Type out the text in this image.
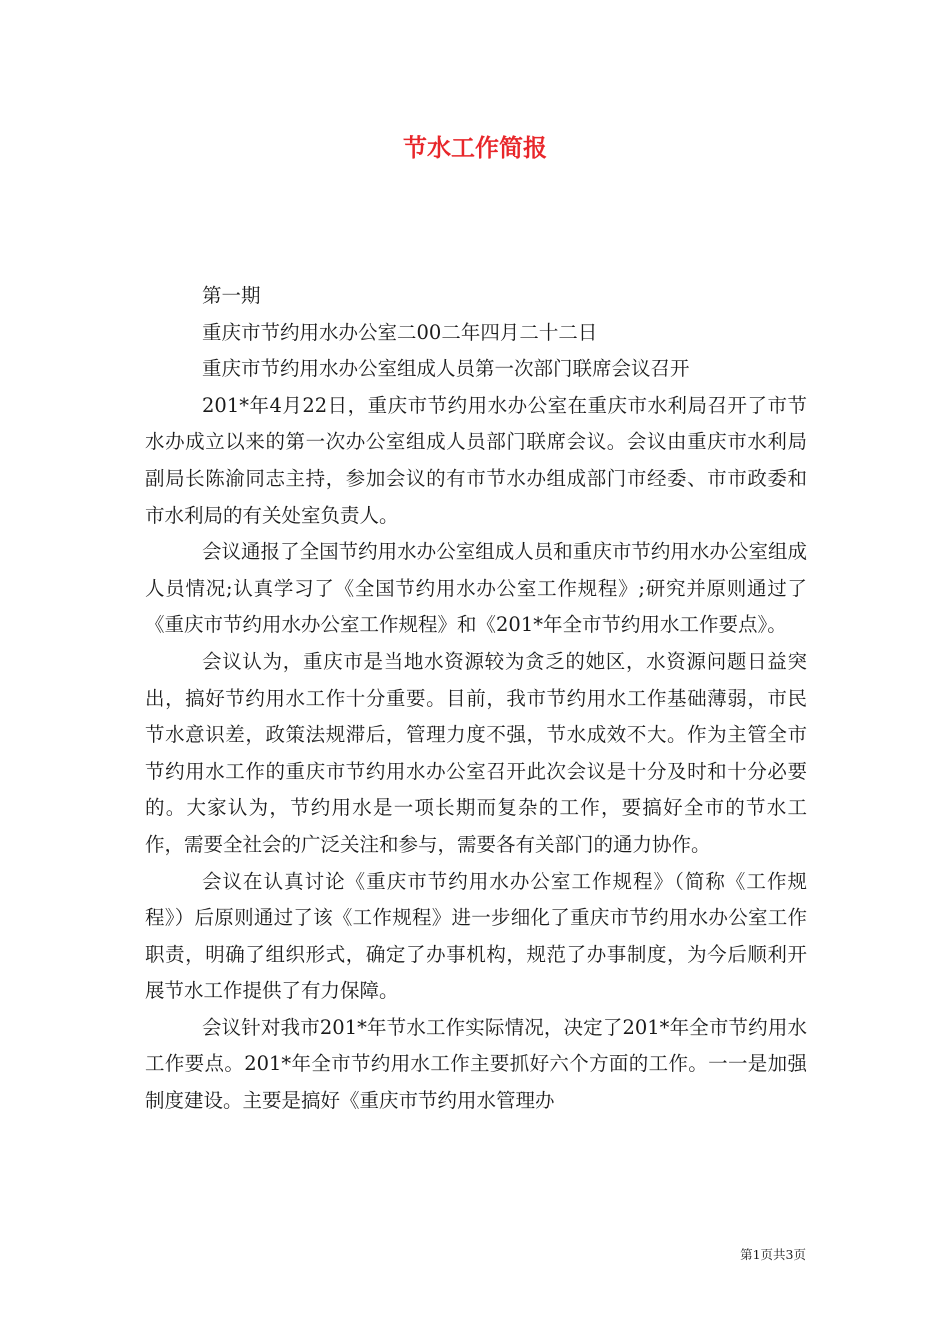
节水工作简报

第一期

重庆市节约用水办公室二00二年四月二十二日

重庆市节约用水办公室组成人员第一次部门联席会议召开

201*年4月22日，重庆市节约用水办公室在重庆市水利局召开了市节水办成立以来的第一次办公室组成人员部门联席会议。会议由重庆市水利局副局长陈渝同志主持，参加会议的有市节水办组成部门市经委、市市政委和市水利局的有关处室负责人。

会议通报了全国节约用水办公室组成人员和重庆市节约用水办公室组成人员情况;认真学习了《全国节约用水办公室工作规程》;研究并原则通过了《重庆市节约用水办公室工作规程》和《201*年全市节约用水工作要点》。

会议认为，重庆市是当地水资源较为贪乏的她区，水资源问题日益突出，搞好节约用水工作十分重要。目前，我市节约用水工作基础薄弱，市民节水意识差，政策法规滞后，管理力度不强，节水成效不大。作为主管全市节约用水工作的重庆市节约用水办公室召开此次会议是十分及时和十分必要的。大家认为，节约用水是一项长期而复杂的工作，要搞好全市的节水工作，需要全社会的广泛关注和参与，需要各有关部门的通力协作。

会议在认真讨论《重庆市节约用水办公室工作规程》（简称《工作规程》）后原则通过了该《工作规程》进一步细化了重庆市节约用水办公室工作职责，明确了组织形式，确定了办事机构，规范了办事制度，为今后顺利开展节水工作提供了有力保障。

会议针对我市201*年节水工作实际情况，决定了201*年全市节约用水工作要点。201*年全市节约用水工作主要抓好六个方面的工作。一一是加强制度建设。主要是搞好《重庆市节约用水管理办

第1页共3页
